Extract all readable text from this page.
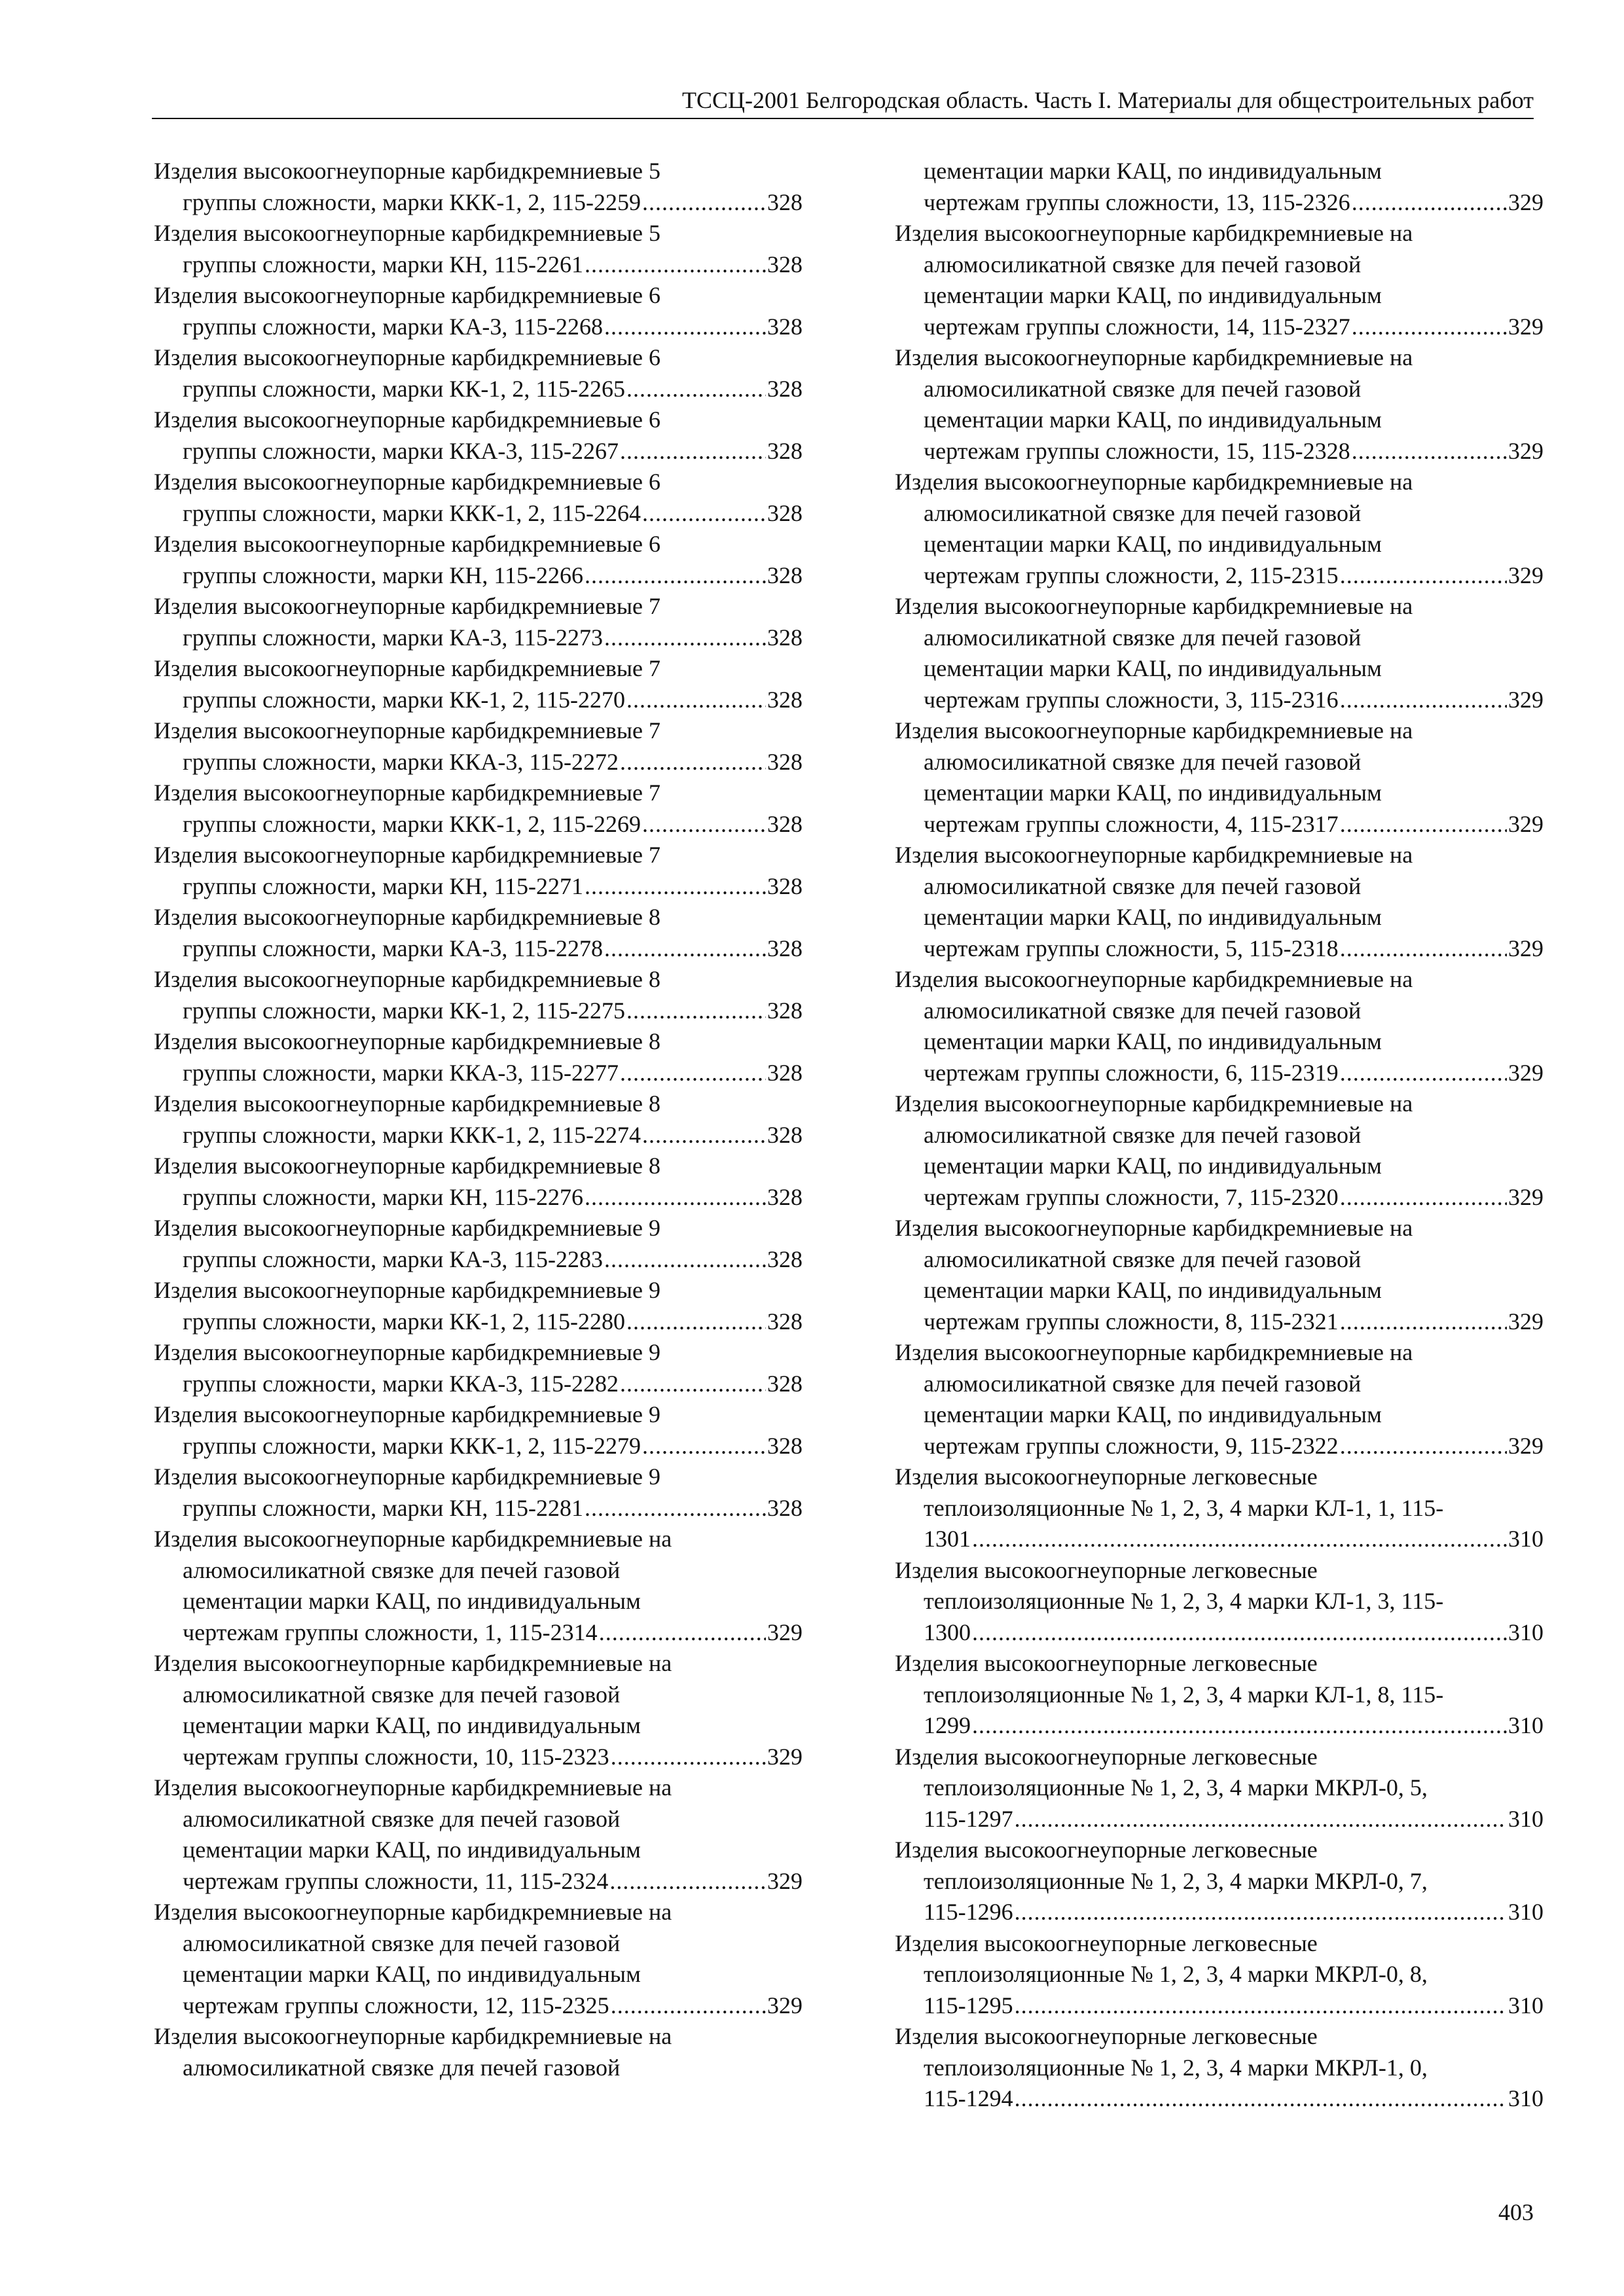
ТССЦ-2001 Белгородская область. Часть I. Материалы для общестроительных работ
Изделия высокоогнеупорные карбидкремниевые 5
группы сложности, марки ККК-1, 2, 115-2259 .....	328
Изделия высокоогнеупорные карбидкремниевые 5
группы сложности, марки КН, 115-2261 .....	328
Изделия высокоогнеупорные карбидкремниевые 6
группы сложности, марки КА-3, 115-2268 .....	328
Изделия высокоогнеупорные карбидкремниевые 6
группы сложности, марки КК-1, 2, 115-2265 .....	328
Изделия высокоогнеупорные карбидкремниевые 6
группы сложности, марки ККА-3, 115-2267 .....	328
Изделия высокоогнеупорные карбидкремниевые 6
группы сложности, марки ККК-1, 2, 115-2264 .....	328
Изделия высокоогнеупорные карбидкремниевые 6
группы сложности, марки КН, 115-2266 .....	328
Изделия высокоогнеупорные карбидкремниевые 7
группы сложности, марки КА-3, 115-2273 .....	328
Изделия высокоогнеупорные карбидкремниевые 7
группы сложности, марки КК-1, 2, 115-2270 .....	328
Изделия высокоогнеупорные карбидкремниевые 7
группы сложности, марки ККА-3, 115-2272 .....	328
Изделия высокоогнеупорные карбидкремниевые 7
группы сложности, марки ККК-1, 2, 115-2269 .....	328
Изделия высокоогнеупорные карбидкремниевые 7
группы сложности, марки КН, 115-2271 .....	328
Изделия высокоогнеупорные карбидкремниевые 8
группы сложности, марки КА-3, 115-2278 .....	328
Изделия высокоогнеупорные карбидкремниевые 8
группы сложности, марки КК-1, 2, 115-2275 .....	328
Изделия высокоогнеупорные карбидкремниевые 8
группы сложности, марки ККА-3, 115-2277 .....	328
Изделия высокоогнеупорные карбидкремниевые 8
группы сложности, марки ККК-1, 2, 115-2274 .....	328
Изделия высокоогнеупорные карбидкремниевые 8
группы сложности, марки КН, 115-2276 .....	328
Изделия высокоогнеупорные карбидкремниевые 9
группы сложности, марки КА-3, 115-2283 .....	328
Изделия высокоогнеупорные карбидкремниевые 9
группы сложности, марки КК-1, 2, 115-2280 .....	328
Изделия высокоогнеупорные карбидкремниевые 9
группы сложности, марки ККА-3, 115-2282 .....	328
Изделия высокоогнеупорные карбидкремниевые 9
группы сложности, марки ККК-1, 2, 115-2279 .....	328
Изделия высокоогнеупорные карбидкремниевые 9
группы сложности, марки КН, 115-2281 .....	328
Изделия высокоогнеупорные карбидкремниевые на
алюмосиликатной связке для печей газовой
цементации марки КАЦ, по индивидуальным
чертежам группы сложности, 1, 115-2314 .....	329
Изделия высокоогнеупорные карбидкремниевые на
алюмосиликатной связке для печей газовой
цементации марки КАЦ, по индивидуальным
чертежам группы сложности, 10, 115-2323 .....	329
Изделия высокоогнеупорные карбидкремниевые на
алюмосиликатной связке для печей газовой
цементации марки КАЦ, по индивидуальным
чертежам группы сложности, 11, 115-2324 .....	329
Изделия высокоогнеупорные карбидкремниевые на
алюмосиликатной связке для печей газовой
цементации марки КАЦ, по индивидуальным
чертежам группы сложности, 12, 115-2325 .....	329
Изделия высокоогнеупорные карбидкремниевые на
алюмосиликатной связке для печей газовой
цементации марки КАЦ, по индивидуальным
чертежам группы сложности, 13, 115-2326 .....	329
Изделия высокоогнеупорные карбидкремниевые на
алюмосиликатной связке для печей газовой
цементации марки КАЦ, по индивидуальным
чертежам группы сложности, 14, 115-2327 .....	329
Изделия высокоогнеупорные карбидкремниевые на
алюмосиликатной связке для печей газовой
цементации марки КАЦ, по индивидуальным
чертежам группы сложности, 15, 115-2328 .....	329
Изделия высокоогнеупорные карбидкремниевые на
алюмосиликатной связке для печей газовой
цементации марки КАЦ, по индивидуальным
чертежам группы сложности, 2, 115-2315 .....	329
Изделия высокоогнеупорные карбидкремниевые на
алюмосиликатной связке для печей газовой
цементации марки КАЦ, по индивидуальным
чертежам группы сложности, 3, 115-2316 .....	329
Изделия высокоогнеупорные карбидкремниевые на
алюмосиликатной связке для печей газовой
цементации марки КАЦ, по индивидуальным
чертежам группы сложности, 4, 115-2317 .....	329
Изделия высокоогнеупорные карбидкремниевые на
алюмосиликатной связке для печей газовой
цементации марки КАЦ, по индивидуальным
чертежам группы сложности, 5, 115-2318 .....	329
Изделия высокоогнеупорные карбидкремниевые на
алюмосиликатной связке для печей газовой
цементации марки КАЦ, по индивидуальным
чертежам группы сложности, 6, 115-2319 .....	329
Изделия высокоогнеупорные карбидкремниевые на
алюмосиликатной связке для печей газовой
цементации марки КАЦ, по индивидуальным
чертежам группы сложности, 7, 115-2320 .....	329
Изделия высокоогнеупорные карбидкремниевые на
алюмосиликатной связке для печей газовой
цементации марки КАЦ, по индивидуальным
чертежам группы сложности, 8, 115-2321 .....	329
Изделия высокоогнеупорные карбидкремниевые на
алюмосиликатной связке для печей газовой
цементации марки КАЦ, по индивидуальным
чертежам группы сложности, 9, 115-2322 .....	329
Изделия высокоогнеупорные легковесные
теплоизоляционные № 1, 2, 3, 4 марки КЛ-1, 1, 115-
1301 .....	310
Изделия высокоогнеупорные легковесные
теплоизоляционные № 1, 2, 3, 4 марки КЛ-1, 3, 115-
1300 .....	310
Изделия высокоогнеупорные легковесные
теплоизоляционные № 1, 2, 3, 4 марки КЛ-1, 8, 115-
1299 .....	310
Изделия высокоогнеупорные легковесные
теплоизоляционные № 1, 2, 3, 4 марки МКРЛ-0, 5,
115-1297 .....	310
Изделия высокоогнеупорные легковесные
теплоизоляционные № 1, 2, 3, 4 марки МКРЛ-0, 7,
115-1296 .....	310
Изделия высокоогнеупорные легковесные
теплоизоляционные № 1, 2, 3, 4 марки МКРЛ-0, 8,
115-1295 .....	310
Изделия высокоогнеупорные легковесные
теплоизоляционные № 1, 2, 3, 4 марки МКРЛ-1, 0,
115-1294 .....	310
403
